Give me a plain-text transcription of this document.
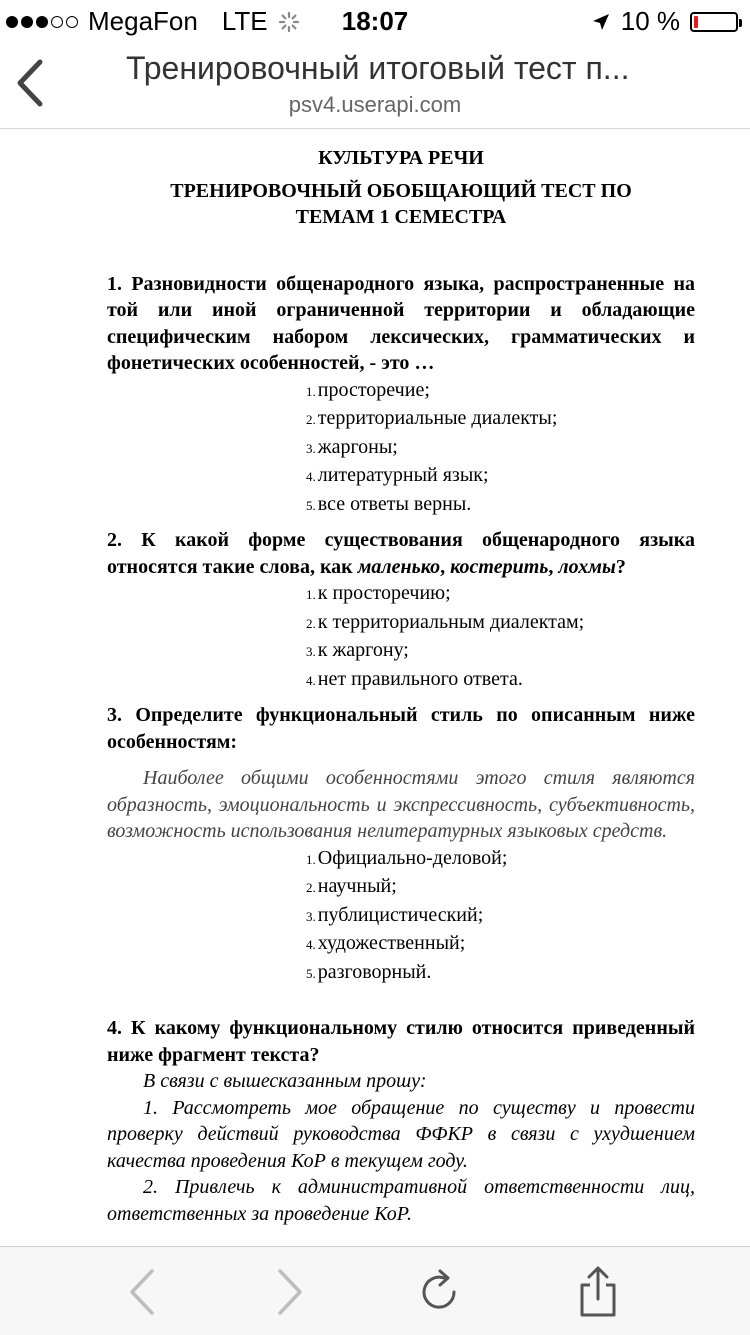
MegaFon LTE	18:07	10 %
Тренировочный итоговый тест п...
psv4.userapi.com
КУЛЬТУРА РЕЧИ
ТРЕНИРОВОЧНЫЙ ОБОБЩАЮЩИЙ ТЕСТ ПО ТЕМАМ 1 СЕМЕСТРА
1. Разновидности общенародного языка, распространенные на той или иной ограниченной территории и обладающие специфическим набором лексических, грамматических и фонетических особенностей, - это …
1. просторечие;
2. территориальные диалекты;
3. жаргоны;
4. литературный язык;
5. все ответы верны.
2. К какой форме существования общенародного языка относятся такие слова, как маленько, костерить, лохмы?
1. к просторечию;
2. к территориальным диалектам;
3. к жаргону;
4. нет правильного ответа.
3. Определите функциональный стиль по описанным ниже особенностям:
Наиболее общими особенностями этого стиля являются образность, эмоциональность и экспрессивность, субъективность, возможность использования нелитературных языковых средств.
1. Официально-деловой;
2. научный;
3. публицистический;
4. художественный;
5. разговорный.
4. К какому функциональному стилю относится приведенный ниже фрагмент текста?
В связи с вышесказанным прошу:
1. Рассмотреть мое обращение по существу и провести проверку действий руководства ФФКР в связи с ухудшением качества проведения КоР в текущем году.
2. Привлечь к административной ответственности лиц, ответственных за проведение КоР.
